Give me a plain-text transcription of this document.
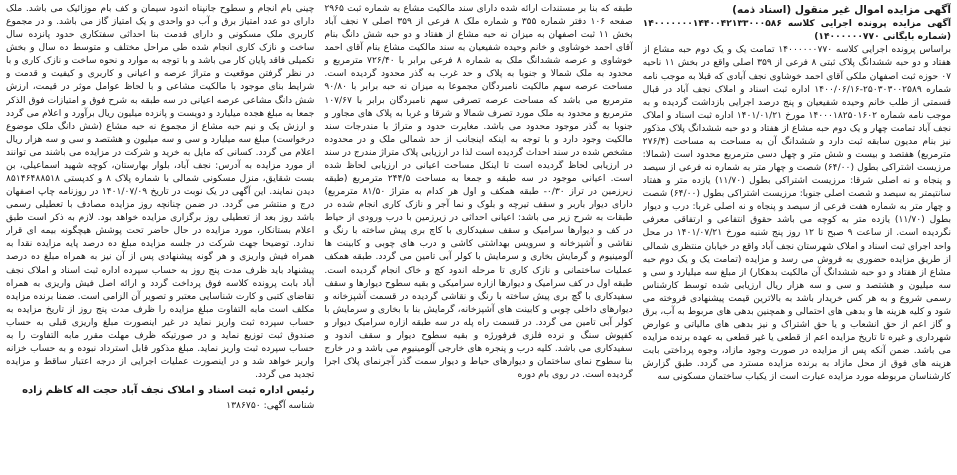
آگهی مزایده اموال غیر منقول (اسناد ذمه)

آگهی مزایده پرونده اجرایی کلاسه ۱۴۰۰۰۰۰۰۰۱۴۴۰۰۴۲۱۳۳۰۰۰۵۸۶ (شماره بایگانی ۱۴۰۰۰۰۰۰۷۷۰)

براساس پرونده اجرایی کلاسه ۱۴۰۰۰۰۰۰۷۷۰ تمامت یک و یک دوم حبه مشاع از هفتاد و دو حبه ششدانگ پلاک ثبتی ۸ فرعی از ۳۵۹ اصلی واقع در بخش ۱۱ ناحیه ۰۷ حوزه ثبت اصفهان ملکی آقای احمد خوشاوی نجف آبادی که قبلا به موجب نامه شماره ۲۵۰۳۰۳۰۰۲۵۸۹-۱۴۰۰/۰۶/۱۶ اداره ثبت اسناد و املاک نجف آباد در قبال قسمتی از طلب خانم وحیده شفیعیان و پنج درصد اجرایی بازداشت گردیده و به موجب نامه شماره ۱۴۰۰۰۱۸۲۵۰۱۶۰۲ مورخ ۱۴۰۱/۰۱/۲۱ اداره ثبت اسناد و املاک نجف آباد تمامت چهار و یک دوم حبه مشاع از هفتاد و دو حبه ششدانگ پلاک مذکور نیز بنام مدیون سابقه ثبت دارد و ششدانگ آن به مساحت به مساحت (۲۷۶/۴ مترمربع) هفتصد و بیست و شش متر و چهل دسی مترمربع محدود است (شمالا: مرزیست اشتراکی بطول (۶۴/۰۰) شصت و چهار متر به شماره نه فرعی از سیصد و پنجاه و نه اصلی شرقا: مرزیست اشتراکی بطول (۱۱/۷۰) یازده متر و هفتاد سانتیمتر به سیصد و شصت اصلی جنوبا: مرزیست اشتراکی بطول (۶۴/۰۰) شصت و چهار متر به شماره هفت فرعی از سیصد و پنجاه و نه اصلی غربا: درب و دیوار بطول (۱۱/۷۰) یازده متر به کوچه می باشد حقوق انتفاعی و ارتفاقی معرفی نگردیده است. از ساعت ۹ صبح تا ۱۲ روز پنج شنبه مورخ ۱۴۰۱/۰۷/۲۱ در محل واحد اجرای ثبت اسناد و املاک شهرستان نجف آباد واقع در خیابان منتظری شمالی از طریق مزایده حضوری به فروش می رسد و مزایده (تمامت یک و یک دوم حبه مشاع از هفتاد و دو حبه ششدانگ آن مالکیت بدهکار) از مبلغ سه میلیارد و سی و سه میلیون و هشتصد و سی و سه هزار ریال ارزیابی شده توسط کارشناس رسمی شروع و به هر کس خریدار باشد به بالاترین قیمت پیشنهادی فروخته می شود و کلیه هزینه ها و بدهی های احتمالی و همچنین بدهی های مربوط به آب، برق و گاز اعم از حق انشعاب و یا حق اشتراک و نیز بدهی های مالیاتی و عوارض شهرداری و غیره تا تاریخ مزایده اعم از قطعی یا غیر قطعی به عهده برنده مزایده می باشد. ضمن آنکه پس از مزایده در صورت وجود مازاد، وجوه پرداختی بابت هزینه های فوق از محل مازاد به برنده مزایده مسترد می گردد. طبق گزارش کارشناسان مربوطه مورد مزایده عبارت است از یکباب ساختمان مسکونی سه

طبقه که بنا بر مستندات ارائه شده دارای سند مالکیت مشاع به شماره ثبت ۲۹۶۵ صفحه ۱۰۶ دفتر شماره ۳۵۵ و شماره ملک ۸ فرعی از ۳۵۹ اصلی ۷ نجف آباد بخش ۱۱ ثبت اصفهان به میزان نه حبه مشاع از هفتاد و دو حبه شش دانگ بنام آقای احمد خوشاوی و خانم وحیده شفیعیان به سند مالکیت مشاع بنام آقای احمد خوشاوی و عرصه ششدانگ ملک به شماره ۸ فرعی برابر با ۷۲۶/۴۰ مترمربع و محدود به ملک شمالا و جنوبا به پلاک و حد غرب به گذر محدود گردیده است. مساحت عرصه سهم مالکیت نامبردگان مجموعا به میزان نه حبه برابر با ۹۰/۸۰ مترمربع می باشد که مساحت عرصه تصرفی سهم نامبردگان برابر با ۱۰۷/۶۷ مترمربع و محدود به ملک مورد تصرف شمالا و شرقا و غربا به پلاک های مجاور و جنوبا به گذر موجود محدود می باشد. مغایرت حدود و متراژ با مندرجات سند مالکیت وجود دارد و با توجه به اینکه اینجانب از حد شمالی ملک و در محدوده مشخص شده در سند احداث گردیده است لذا در ارزیابی پلاک متراژ مندرج در سند در ارزیابی لحاظ گردیده است تا اینکل مساحت اعیانی در ارزیابی لحاظ شده است. اعیانی موجود در سه طبقه و جمعا به مساحت ۲۴۴/۵ مترمربع (طبقه زیرزمین در تراز ۰/۳۰- طبقه همکف و اول هر کدام به متراژ ۸۱/۵۰ مترمربع) دارای دیوار باربر و سقف تیرچه و بلوک و نما آجر و نازک کاری انجام شده در طبقات به شرح زیر می باشد: اعیانی احداثی در زیرزمین با درب ورودی از حیاط در کف و دیوارها سرامیک و سقف سفیدکاری با کاچ بری پیش ساخته با رنگ و نقاشی و آشپزخانه و سرویس بهداشتی کاشی و درب های چوبی و کابینت ها آلومینیوم و گرمایش بخاری و سرمایش با کولر آبی تامین می گردد. طبقه همکف عملیات ساختمانی و نازک کاری تا مرحله اندود کچ و خاک انجام گردیده است. طبقه اول در کف سرامیک و دیوارها ازاره سرامیکی و بقیه سطوح دیوارها و سقف سفیدکاری با گچ بری پیش ساخته با رنگ و نقاشی گردیده در قسمت آشپزخانه و دیوارهای داخلی چوبی و کابینت های آشپزخانه، گرمایش بنا با بخاری و سرمایش با کولر آبی تامین می گردد. در قسمت راه پله در سه طبقه ازاره سرامیک دیوار و کفپوش سنگ و نرده فلزی فرفورژه و بقیه سطوح دیوار و سقف اندود و سفیدکاری می باشد. کلیه درب و پنجره های خارجی آلومینیوم می باشد و در خارج بنا سطوح نمای ساختمان و دیوارهای حیاط و دیوار سمت گذر آجرنمای پلاک اجرا گردیده است. در روی بام دوره

چینی بام انجام و سطوح جانپناه اندود سیمان و کف بام موزائیک می باشد. ملک دارای دو عدد امتیاز برق و آب دو واحدی و یک امتیاز گاز می باشد. و در مجموع کاربری ملک مسکونی و دارای قدمت بنا احداثی سفتکاری حدود پانزده سال ساخت و نازک کاری انجام شده طی مراحل مختلف و متوسط ده سال و بخش تکمیلی فاقد پایان کار می باشد و با توجه به موارد و نحوه ساخت و نازک کاری و با در نظر گرفتن موقعیت و متراژ عرصه و اعیانی و کاربری و کیفیت و قدمت و شرایط بنای موجود با مالکیت مشاعی و با لحاظ عوامل موثر در قیمت، ارزش شش دانگ مشاعی عرصه اعیانی در سه طبقه به شرح فوق و امتیازات فوق الذکر جمعا به مبلغ هجده میلیارد و دویست و پانزده میلیون ریال برآورد و اعلام می گردد و ارزش یک و نیم حبه مشاع از مجموع نه حبه مشاع (شش دانگ ملک موضوع درخواست) مبلغ سه میلیارد و سی و سه میلیون و هشتصد و سی و سه هزار ریال اعلام می گردد. کسانی که مایل به خرید و شرکت در مزایده می باشند می توانند از مورد مزایده به آدرس: نجف آباد، بلوار بهارستان، کوچه شهید اسماعیلی، بن بست شقایق، منزل مسکونی شمالی با شماره پلاک ۸ و کدپستی ۸۵۱۴۶۴۸۸۵۱۸ دیدن نمایند. این آگهی در یک نوبت در تاریخ ۱۴۰۱/۰۷/۰۹ در روزنامه چاپ اصفهان درج و منتشر می گردد. در ضمن چنانچه روز مزایده مصادف با تعطیلی رسمی باشد روز بعد از تعطیلی روز برگزاری مزایده خواهد بود. لازم به ذکر است طبق اعلام بستانکار، مورد مزایده در حال حاضر تحت پوشش هیچگونه بیمه ای قرار ندارد. توضیحا جهت شرکت در جلسه مزایده مبلغ ده درصد پایه مزایده نقدا به همراه فیش واریزی و هر گونه پیشنهادی پس از آن نیز به همراه مبلغ ده درصد پیشنهاد باید ظرف مدت پنج روز به حساب سپرده اداره ثبت اسناد و املاک نجف آباد بابت پرونده کلاسه فوق پرداخت گردد و ارائه اصل فیش واریزی به همراه تقاضای کتبی و کارت شناسایی معتبر و تصویر آن الزامی است. ضمنا برنده مزایده مکلف است مابه التفاوت مبلغ مزایده را ظرف مدت پنج روز از تاریخ مزایده به حساب سپرده ثبت واریز نماید در غیر اینصورت مبلغ واریزی قبلی به حساب صندوق ثبت توزیع نماید و در صورتیکه ظرف مهلت مقرر مابه التفاوت را به حساب سپرده ثبت واریز نماید. مبلغ مذکور قابل استرداد نبوده و به حساب خزانه واریز خواهد شد و در اینصورت عملیات اجرایی از درجه اعتبار ساقط و مزایده تجدید می گردد.

رئیس اداره ثبت اسناد و املاک نجف آباد حجت اله کاظم زاده
شناسه آگهی: ۱۳۸۶۷۵۰
